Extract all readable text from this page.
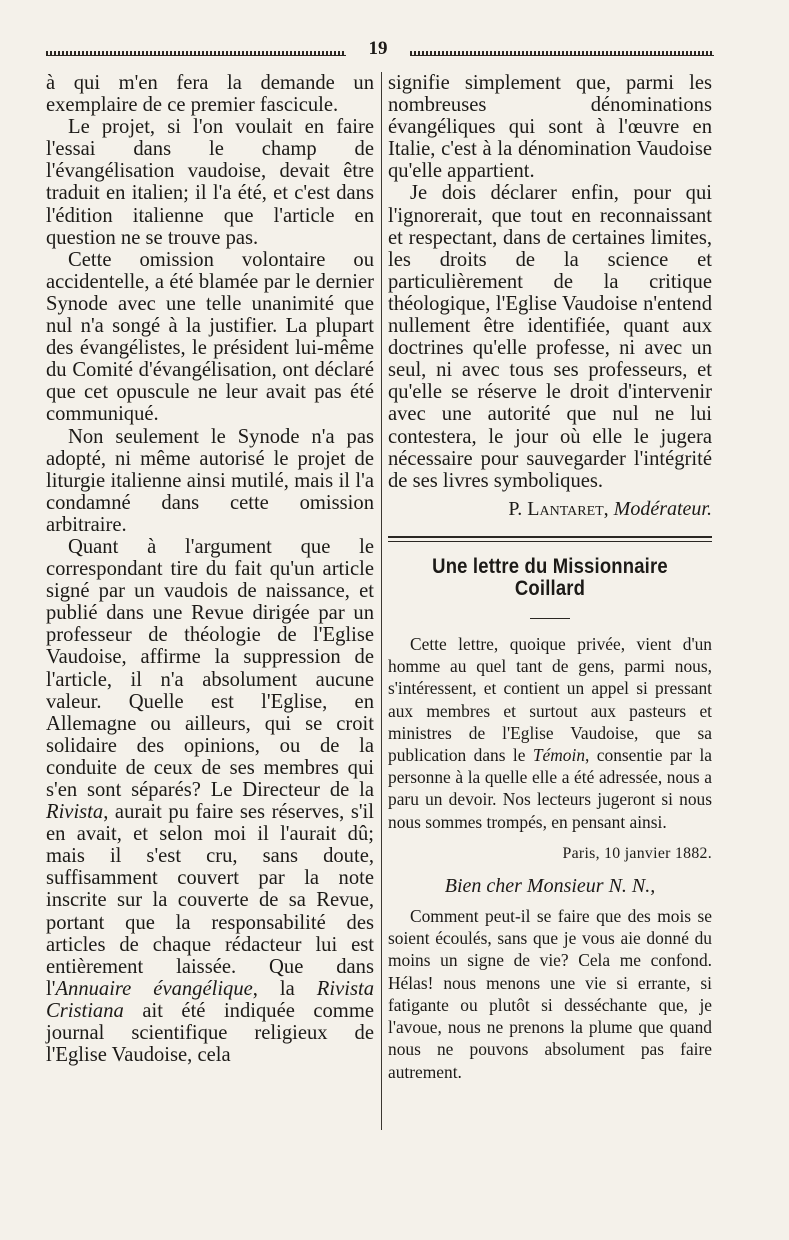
19

à qui m'en fera la demande un exemplaire de ce premier fascicule.

Le projet, si l'on voulait en faire l'essai dans le champ de l'évangélisation vaudoise, devait être traduit en italien; il l'a été, et c'est dans l'édition italienne que l'article en question ne se trouve pas.

Cette omission volontaire ou accidentelle, a été blamée par le dernier Synode avec une telle unanimité que nul n'a songé à la justifier. La plupart des évangélistes, le président lui-même du Comité d'évangélisation, ont déclaré que cet opuscule ne leur avait pas été communiqué.

Non seulement le Synode n'a pas adopté, ni même autorisé le projet de liturgie italienne ainsi mutilé, mais il l'a condamné dans cette omission arbitraire.

Quant à l'argument que le correspondant tire du fait qu'un article signé par un vaudois de naissance, et publié dans une Revue dirigée par un professeur de théologie de l'Eglise Vaudoise, affirme la suppression de l'article, il n'a absolument aucune valeur. Quelle est l'Eglise, en Allemagne ou ailleurs, qui se croit solidaire des opinions, ou de la conduite de ceux de ses membres qui s'en sont séparés? Le Directeur de la Rivista, aurait pu faire ses réserves, s'il en avait, et selon moi il l'aurait dû; mais il s'est cru, sans doute, suffisamment couvert par la note inscrite sur la couverte de sa Revue, portant que la responsabilité des articles de chaque rédacteur lui est entièrement laissée. Que dans l'Annuaire évangélique, la Rivista Cristiana ait été indiquée comme journal scientifique religieux de l'Eglise Vaudoise, cela

signifie simplement que, parmi les nombreuses dénominations évangéliques qui sont à l'œuvre en Italie, c'est à la dénomination Vaudoise qu'elle appartient.

Je dois déclarer enfin, pour qui l'ignorerait, que tout en reconnaissant et respectant, dans de certaines limites, les droits de la science et particulièrement de la critique théologique, l'Eglise Vaudoise n'entend nullement être identifiée, quant aux doctrines qu'elle professe, ni avec un seul, ni avec tous ses professeurs, et qu'elle se réserve le droit d'intervenir avec une autorité que nul ne lui contestera, le jour où elle le jugera nécessaire pour sauvegarder l'intégrité de ses livres symboliques.

P. Lantaret, Modérateur.
Une lettre du Missionnaire Coillard

Cette lettre, quoique privée, vient d'un homme au quel tant de gens, parmi nous, s'intéressent, et contient un appel si pressant aux membres et surtout aux pasteurs et ministres de l'Eglise Vaudoise, que sa publication dans le Témoin, consentie par la personne à la quelle elle a été adressée, nous a paru un devoir. Nos lecteurs jugeront si nous nous sommes trompés, en pensant ainsi.

Paris, 10 janvier 1882.
Bien cher Monsieur N. N.,

Comment peut-il se faire que des mois se soient écoulés, sans que je vous aie donné du moins un signe de vie? Cela me confond. Hélas! nous menons une vie si errante, si fatigante ou plutôt si desséchante que, je l'avoue, nous ne prenons la plume que quand nous ne pouvons absolument pas faire autrement.
